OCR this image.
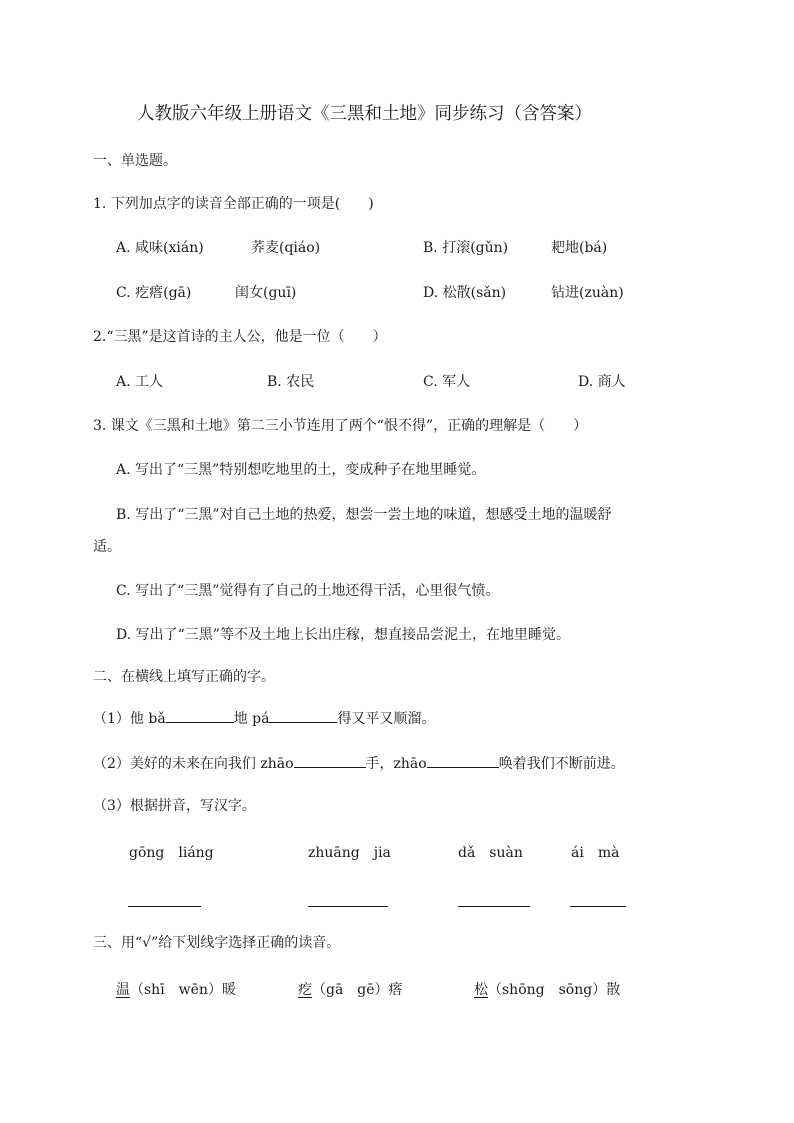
人教版六年级上册语文《三黑和土地》同步练习（含答案）
一、单选题。
1. 下列加点字的读音全部正确的一项是(　　)
A. 咸味(xián)	荞麦(qiáo)	B. 打滚(gǔn)	耙地(bá)
C. 疙瘩(gā)	闺女(guī)	D. 松散(sǎn)	钻进(zuàn)
2.“三黑”是这首诗的主人公，他是一位（　　）
A. 工人	B. 农民	C. 军人	D. 商人
3. 课文《三黑和土地》第二三小节连用了两个“恨不得”，正确的理解是（　　）
A. 写出了“三黑”特别想吃地里的土，变成种子在地里睡觉。
B. 写出了“三黑”对自己土地的热爱，想尝一尝土地的味道，想感受土地的温暖舒
适。
C. 写出了“三黑”觉得有了自己的土地还得干活，心里很气愤。
D. 写出了“三黑”等不及土地上长出庄稼，想直接品尝泥土，在地里睡觉。
二、在横线上填写正确的字。
（1）他 bǎ	地 pá	得又平又顺溜。
（2）美好的未来在向我们 zhāo	手，zhāo	唤着我们不断前进。
（3）根据拼音，写汉字。
gōng　liáng	zhuāng　jia	dǎ　suàn	ái　mà
三、用“√”给下划线字选择正确的读音。
温（shī　wēn）暖	疙（gā　gē）瘩	松（shōng　sōng）散
